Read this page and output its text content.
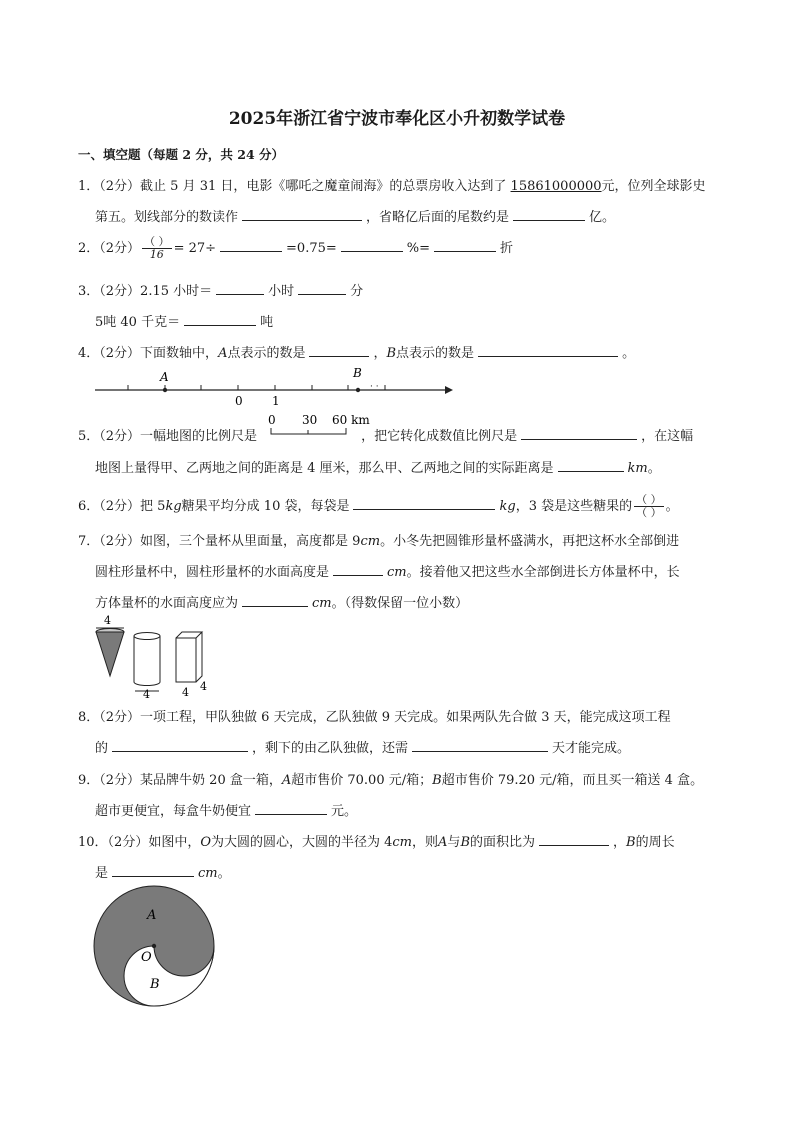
2025年浙江省宁波市奉化区小升初数学试卷
一、填空题（每题 2 分，共 24 分）
1．（2分）截止 5 月 31 日，电影《哪吒之魔童闹海》的总票房收入达到了 15861000000元，位列全球影史
第五。划线部分的数读作	，省略亿后面的尾数约是	亿。
2．（2分） $\frac{( )}{16} = 27\div$	=0.75=	%=	折
3．（2分）2.15 小时＝	小时	分
5吨 40 千克＝	吨
4．（2分）下面数轴中，A点表示的数是	，B点表示的数是	。
· ·
A	B
0 1
5．（2分）一幅地图的比例尺是	，把它转化成数值比例尺是	，在这幅
0 30 60 km
地图上量得甲、乙两地之间的距离是 4 厘米，那么甲、乙两地之间的实际距离是	km。
6．（2分）把 5kg糖果平均分成 10 袋，每袋是	kg，3 袋是这些糖果的 $\frac{( )}{( )}$ 。
7．（2分）如图，三个量杯从里面量，高度都是 9cm。小冬先把圆锥形量杯盛满水，再把这杯水全部倒进
圆柱形量杯中，圆柱形量杯的水面高度是	cm。接着他又把这些水全部倒进长方体量杯中，长
方体量杯的水面高度应为	cm。（得数保留一位小数）
4
4	4 4
8．（2分）一项工程，甲队独做 6 天完成，乙队独做 9 天完成。如果两队先合做 3 天，能完成这项工程
的	，剩下的由乙队独做，还需	天才能完成。
9．（2分）某品牌牛奶 20 盒一箱，A超市售价 70.00 元/箱；B超市售价 79.20 元/箱，而且买一箱送 4 盒。
超市更便宜，每盒牛奶便宜	元。
10．（2分）如图中，O为大圆的圆心，大圆的半径为 4cm，则A与B的面积比为	，B的周长
是	cm。
A
O
B
